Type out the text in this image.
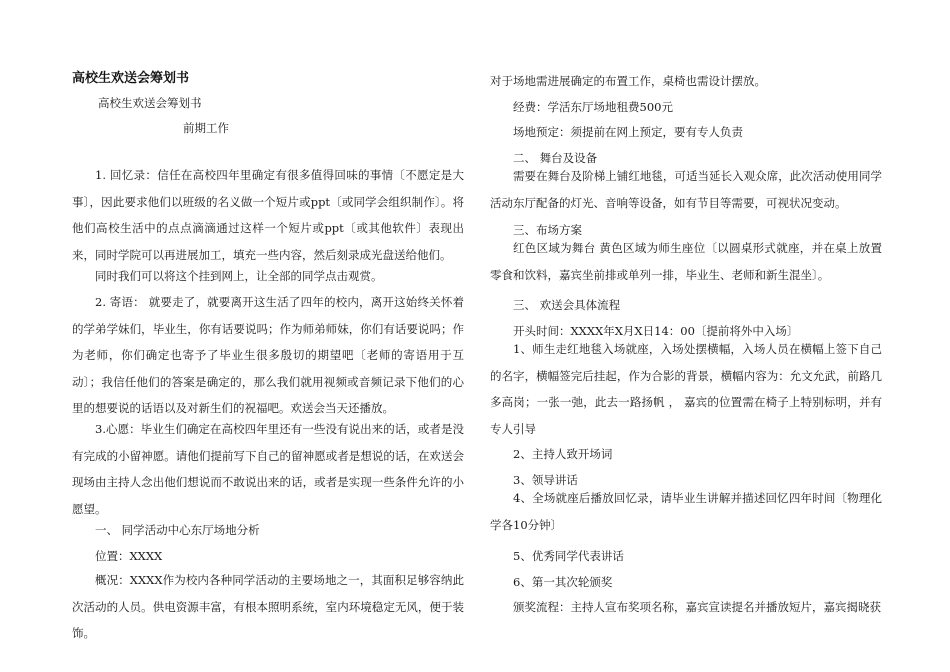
高校生欢送会筹划书
高校生欢送会筹划书
前期工作

1. 回忆录：信任在高校四年里确定有很多值得回味的事情〔不愿定是大事〕，因此要求他们以班级的名义做一个短片或ppt〔或同学会组织制作〕。将他们高校生活中的点点滴滴通过这样一个短片或ppt〔或其他软件〕表现出来，同时学院可以再进展加工，填充一些内容，然后刻录成光盘送给他们。

同时我们可以将这个挂到网上，让全部的同学点击观赏。

2. 寄语： 就要走了，就要离开这生活了四年的校内，离开这始终关怀着的学弟学妹们，毕业生，你有话要说吗；作为师弟师妹，你们有话要说吗；作为老师，你们确定也寄予了毕业生很多殷切的期望吧〔老师的寄语用于互动〕；我信任他们的答案是确定的，那么我们就用视频或音频记录下他们的心里的想要说的话语以及对新生们的祝福吧。欢送会当天还播放。

3.心愿：毕业生们确定在高校四年里还有一些没有说出来的话，或者是没有完成的小留神愿。请他们提前写下自己的留神愿或者是想说的话，在欢送会现场由主持人念出他们想说而不敢说出来的话，或者是实现一些条件允许的小愿望。

一、 同学活动中心东厅场地分析
位置：XXXX

概况：XXXX作为校内各种同学活动的主要场地之一，其面积足够容纳此次活动的人员。供电资源丰富，有根本照明系统，室内环境稳定无风，便于装饰。

对于场地需进展确定的布置工作，桌椅也需设计摆放。
经费：学活东厅场地租费500元
场地预定：须提前在网上预定，要有专人负责
二、 舞台及设备

需要在舞台及阶梯上铺红地毯，可适当延长入观众席，此次活动使用同学活动东厅配备的灯光、音响等设备，如有节目等需要，可视状况变动。

三、布场方案

红色区域为舞台 黄色区域为师生座位〔以圆桌形式就座，并在桌上放置零食和饮料，嘉宾坐前排或单列一排，毕业生、老师和新生混坐〕。

三、 欢送会具体流程
开头时间：XXXX年X月X日14：00〔提前将外中入场〕

1、师生走红地毯入场就座，入场处摆横幅，入场人员在横幅上签下自己的名字，横幅签完后挂起，作为合影的背景，横幅内容为：允文允武，前路几多高岗；一张一弛，此去一路扬帆 ， 嘉宾的位置需在椅子上特别标明，并有专人引导

2、主持人致开场词
3、领导讲话

4、全场就座后播放回忆录，请毕业生讲解并描述回忆四年时间〔物理化学各10分钟〕

5、优秀同学代表讲话
6、第一其次轮颁奖
颁奖流程：主持人宣布奖项名称，嘉宾宣读提名并播放短片，嘉宾揭晓获
